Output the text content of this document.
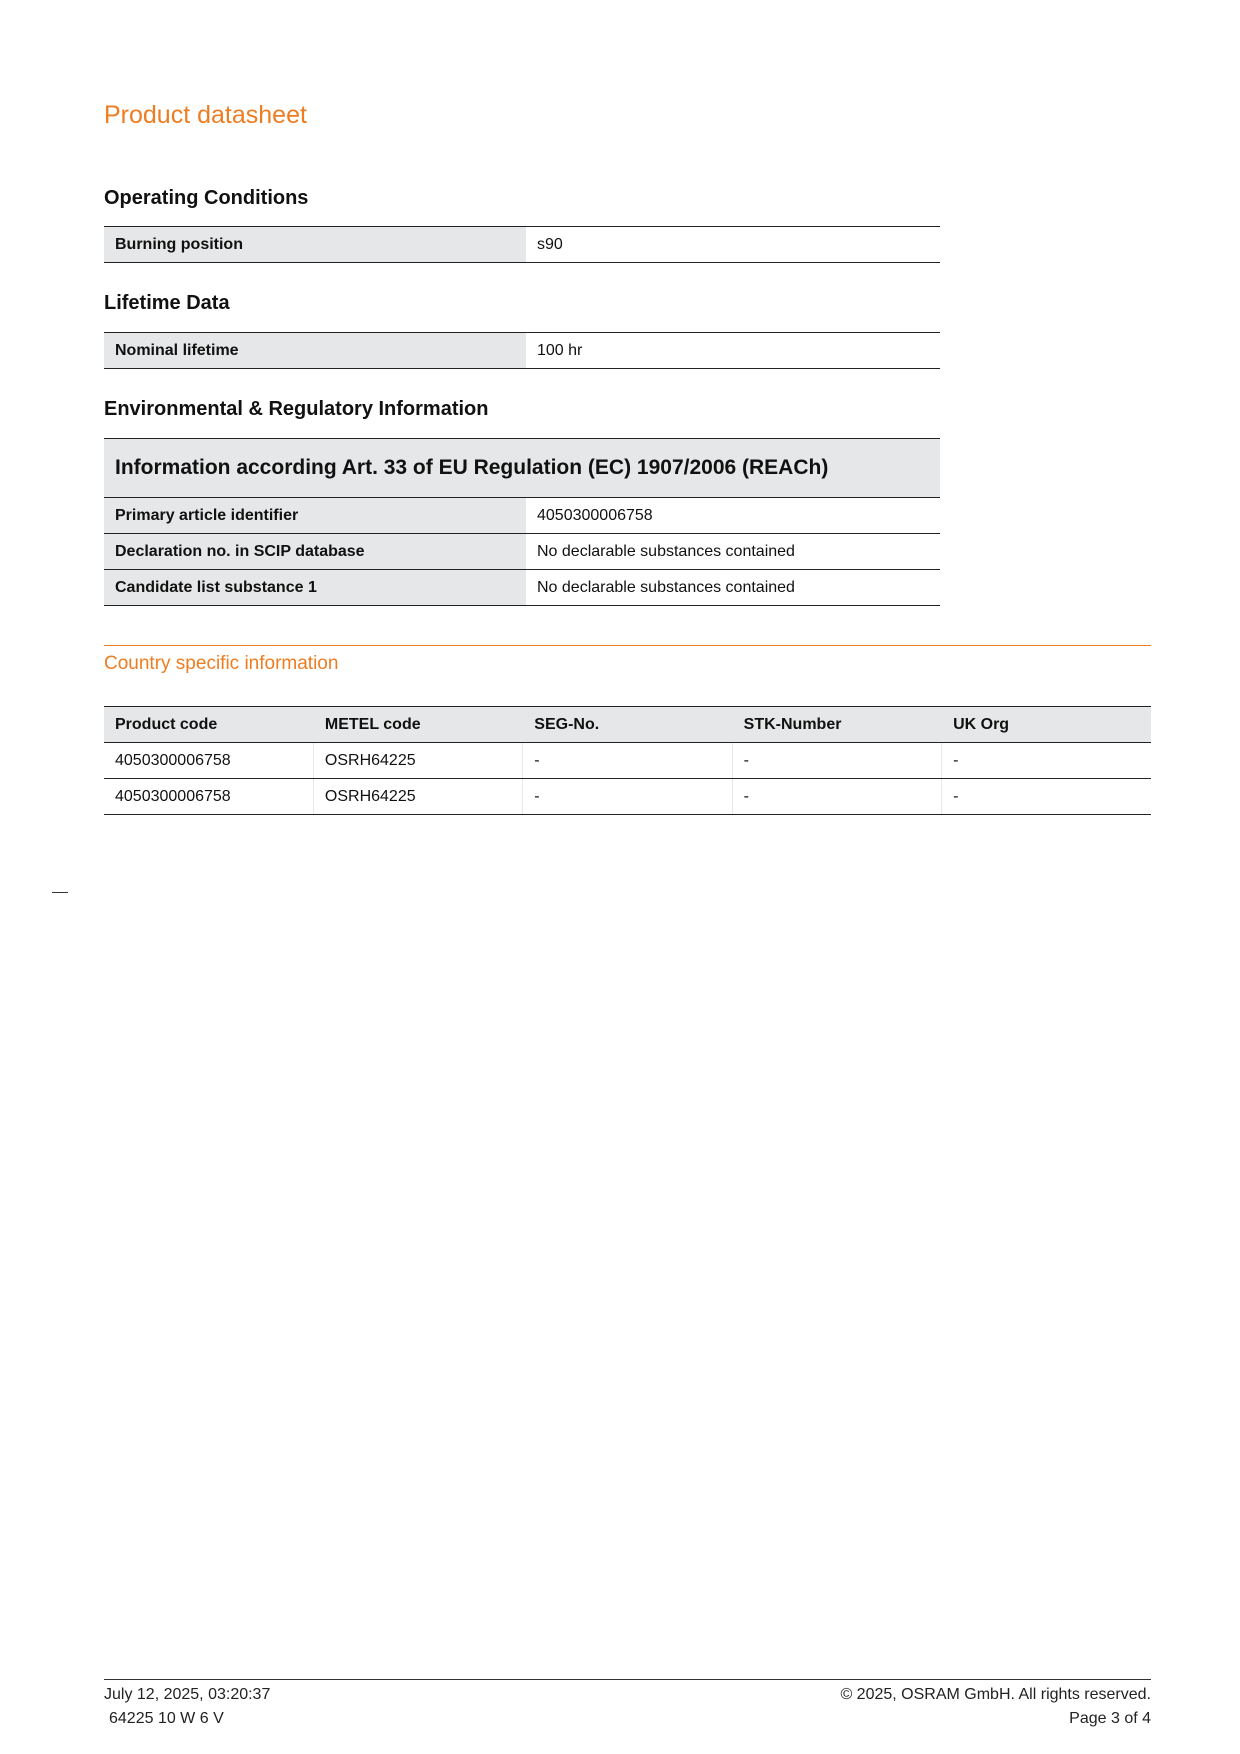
Product datasheet
Operating Conditions
Burning position	s90
Lifetime Data
Nominal lifetime	100 hr
Environmental & Regulatory Information
Information according Art. 33 of EU Regulation (EC) 1907/2006 (REACh)	
Primary article identifier	4050300006758
Declaration no. in SCIP database	No declarable substances contained
Candidate list substance 1	No declarable substances contained
Country specific information
Product code	METEL code	SEG-No.	STK-Number	UK Org
4050300006758	OSRH64225	-	-	-
4050300006758	OSRH64225	-	-	-
July 12, 2025, 03:20:37
64225 10 W 6 V
© 2025, OSRAM GmbH. All rights reserved.
Page 3 of 4
